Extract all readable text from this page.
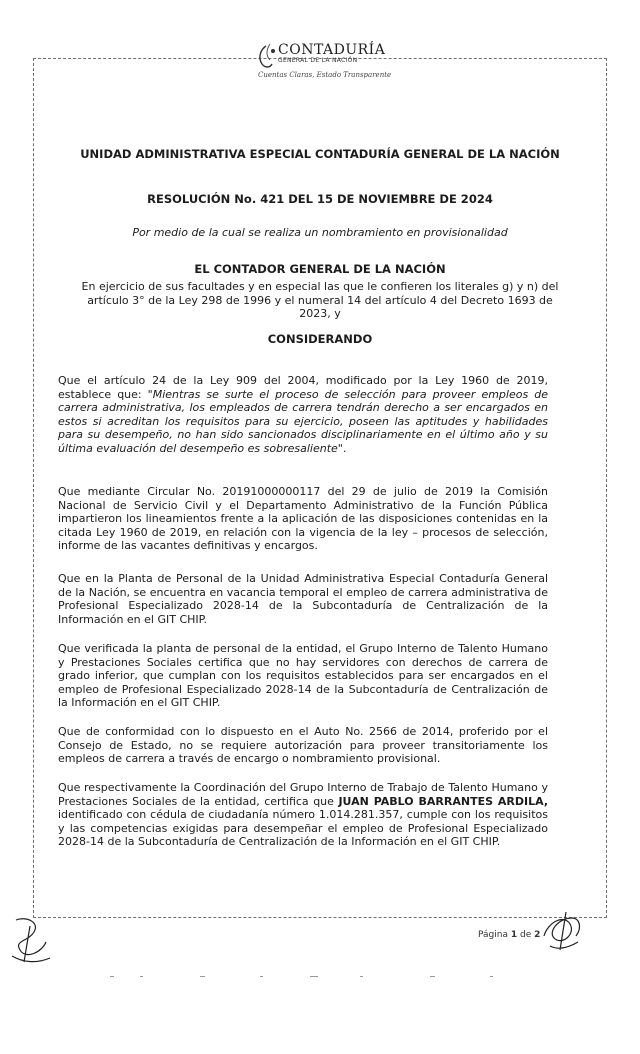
CONTADURÍA
GENERAL DE LA NACIÓN
Cuentas Claras, Estado Transparente
UNIDAD ADMINISTRATIVA ESPECIAL CONTADURÍA GENERAL DE LA NACIÓN
RESOLUCIÓN No. 421 DEL 15 DE NOVIEMBRE DE 2024
Por medio de la cual se realiza un nombramiento en provisionalidad
EL CONTADOR GENERAL DE LA NACIÓN
En ejercicio de sus facultades y en especial las que le confieren los literales g) y n) del artículo 3° de la Ley 298 de 1996 y el numeral 14 del artículo 4 del Decreto 1693 de 2023, y
CONSIDERANDO
Que el artículo 24 de la Ley 909 del 2004, modificado por la Ley 1960 de 2019, establece que: "Mientras se surte el proceso de selección para proveer empleos de carrera administrativa, los empleados de carrera tendrán derecho a ser encargados en estos si acreditan los requisitos para su ejercicio, poseen las aptitudes y habilidades para su desempeño, no han sido sancionados disciplinariamente en el último año y su última evaluación del desempeño es sobresaliente".
Que mediante Circular No. 20191000000117 del 29 de julio de 2019 la Comisión Nacional de Servicio Civil y el Departamento Administrativo de la Función Pública impartieron los lineamientos frente a la aplicación de las disposiciones contenidas en la citada Ley 1960 de 2019, en relación con la vigencia de la ley – procesos de selección, informe de las vacantes definitivas y encargos.
Que en la Planta de Personal de la Unidad Administrativa Especial Contaduría General de la Nación, se encuentra en vacancia temporal el empleo de carrera administrativa de Profesional Especializado 2028-14 de la Subcontaduría de Centralización de la Información en el GIT CHIP.
Que verificada la planta de personal de la entidad, el Grupo Interno de Talento Humano y Prestaciones Sociales certifica que no hay servidores con derechos de carrera de grado inferior, que cumplan con los requisitos establecidos para ser encargados en el empleo de Profesional Especializado 2028-14 de la Subcontaduría de Centralización de la Información en el GIT CHIP.
Que de conformidad con lo dispuesto en el Auto No. 2566 de 2014, proferido por el Consejo de Estado, no se requiere autorización para proveer transitoriamente los empleos de carrera a través de encargo o nombramiento provisional.
Que respectivamente la Coordinación del Grupo Interno de Trabajo de Talento Humano y Prestaciones Sociales de la entidad, certifica que JUAN PABLO BARRANTES ARDILA, identificado con cédula de ciudadanía número 1.014.281.357, cumple con los requisitos y las competencias exigidas para desempeñar el empleo de Profesional Especializado 2028-14 de la Subcontaduría de Centralización de la Información en el GIT CHIP.
Página 1 de 2
